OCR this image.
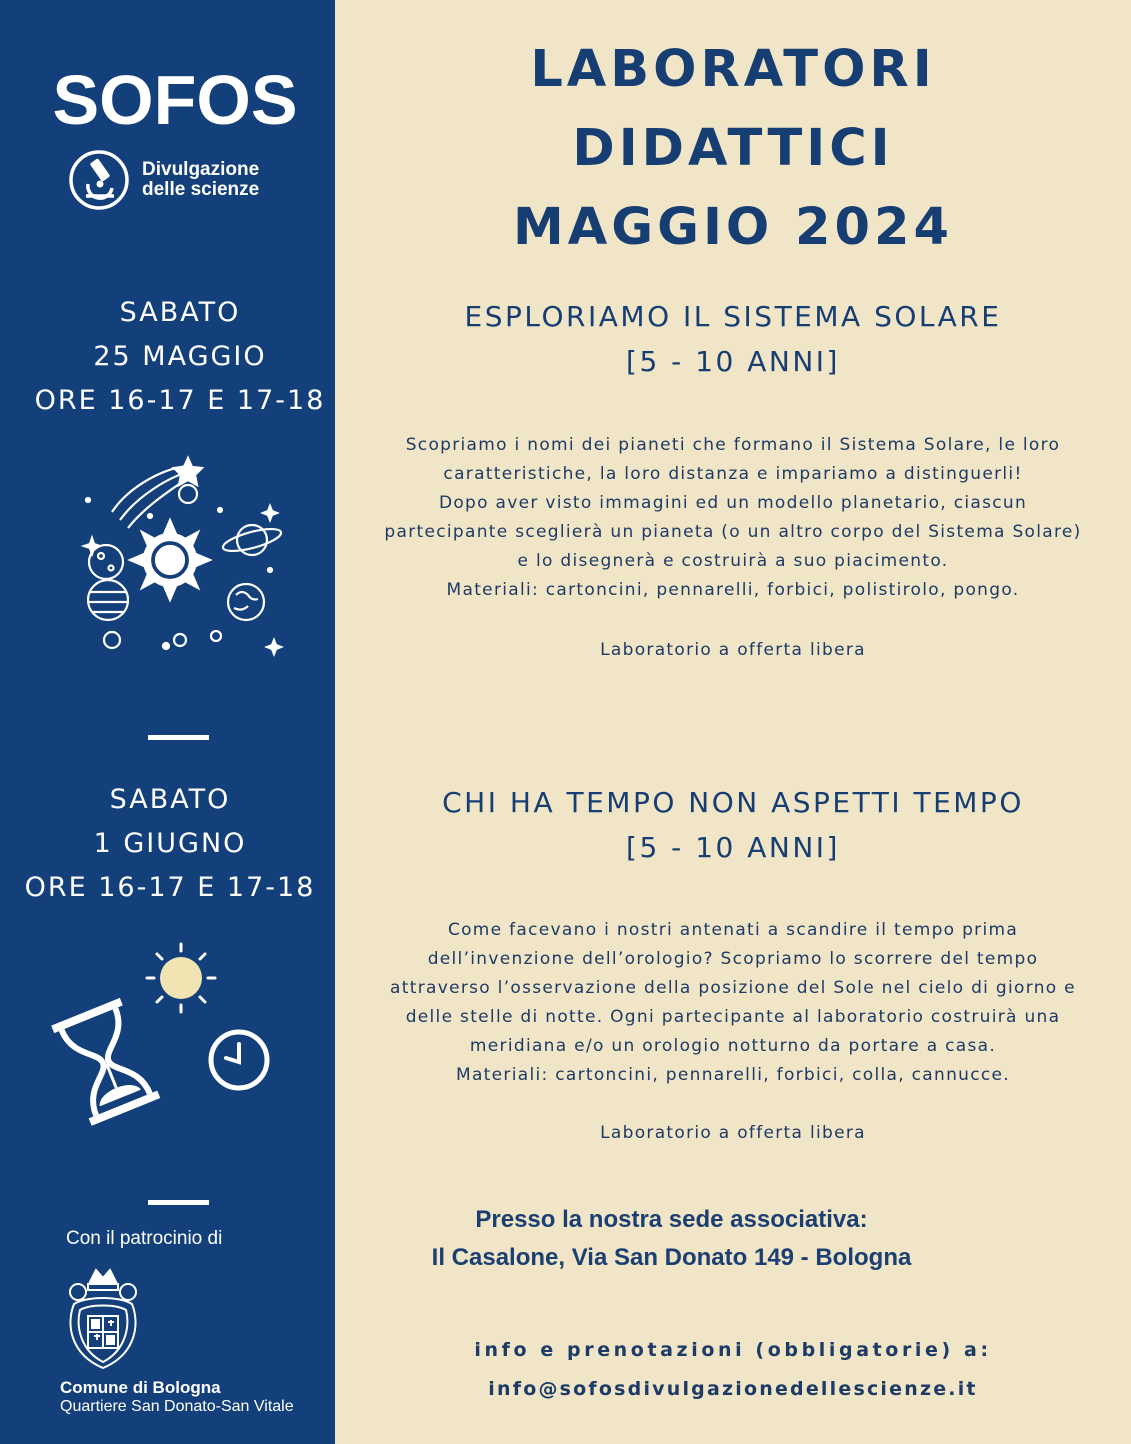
SOFOS
Divulgazione
delle scienze
SABATO
25 MAGGIO
ORE 16-17 E 17-18
SABATO
1 GIUGNO
ORE 16-17 E 17-18
Con il patrocinio di
Comune di Bologna
Quartiere San Donato-San Vitale
LABORATORI
DIDATTICI
MAGGIO 2024
ESPLORIAMO IL SISTEMA SOLARE
[5 - 10 ANNI]
Scopriamo i nomi dei pianeti che formano il Sistema Solare, le loro
caratteristiche, la loro distanza e impariamo a distinguerli!
Dopo aver visto immagini ed un modello planetario, ciascun
partecipante sceglierà un pianeta (o un altro corpo del Sistema Solare)
e lo disegnerà e costruirà a suo piacimento.
Materiali: cartoncini, pennarelli, forbici, polistirolo, pongo.
Laboratorio a offerta libera
CHI HA TEMPO NON ASPETTI TEMPO
[5 - 10 ANNI]
Come facevano i nostri antenati a scandire il tempo prima
dell’invenzione dell’orologio? Scopriamo lo scorrere del tempo
attraverso l’osservazione della posizione del Sole nel cielo di giorno e
delle stelle di notte. Ogni partecipante al laboratorio costruirà una
meridiana e/o un orologio notturno da portare a casa.
Materiali: cartoncini, pennarelli, forbici, colla, cannucce.
Laboratorio a offerta libera
Presso la nostra sede associativa:
Il Casalone, Via San Donato 149 - Bologna
info e prenotazioni (obbligatorie) a:
info@sofosdivulgazionedellescienze.it
